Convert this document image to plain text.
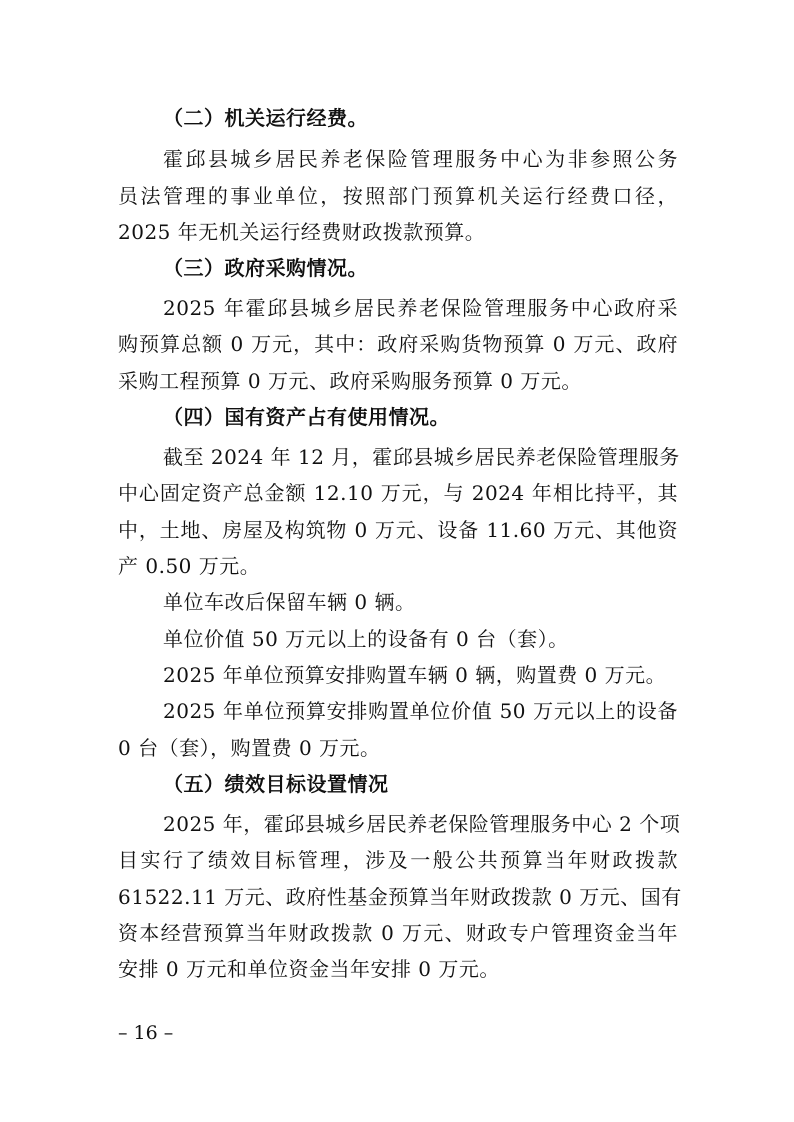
（二）机关运行经费。
霍邱县城乡居民养老保险管理服务中心为非参照公务
员法管理的事业单位，按照部门预算机关运行经费口径，
2025 年无机关运行经费财政拨款预算。
（三）政府采购情况。
2025 年霍邱县城乡居民养老保险管理服务中心政府采
购预算总额 0 万元，其中：政府采购货物预算 0 万元、政府
采购工程预算 0 万元、政府采购服务预算 0 万元。
（四）国有资产占有使用情况。
截至 2024 年 12 月，霍邱县城乡居民养老保险管理服务
中心固定资产总金额 12.10 万元，与 2024 年相比持平，其
中，土地、房屋及构筑物 0 万元、设备 11.60 万元、其他资
产 0.50 万元。
单位车改后保留车辆 0 辆。
单位价值 50 万元以上的设备有 0 台（套）。
2025 年单位预算安排购置车辆 0 辆，购置费 0 万元。
2025 年单位预算安排购置单位价值 50 万元以上的设备
0 台（套），购置费 0 万元。
（五）绩效目标设置情况
2025 年，霍邱县城乡居民养老保险管理服务中心 2 个项
目实行了绩效目标管理，涉及一般公共预算当年财政拨款
61522.11 万元、政府性基金预算当年财政拨款 0 万元、国有
资本经营预算当年财政拨款 0 万元、财政专户管理资金当年
安排 0 万元和单位资金当年安排 0 万元。
– 16 –
